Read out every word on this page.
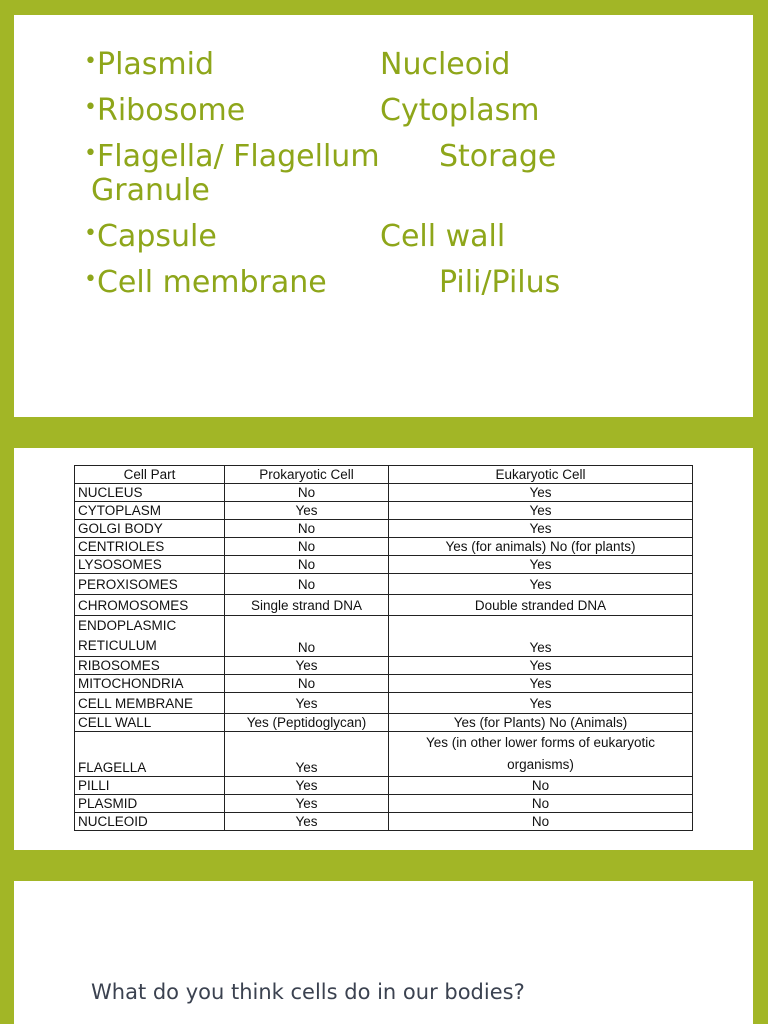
•Plasmid	Nucleoid
•Ribosome	Cytoplasm
•Flagella/ Flagellum Storage
Granule
•Capsule	Cell wall
•Cell membrane	Pili/Pilus
Cell Part	Prokaryotic Cell	Eukaryotic Cell
NUCLEUS	No	Yes
CYTOPLASM	Yes	Yes
GOLGI BODY	No	Yes
CENTRIOLES	No	Yes (for animals) No (for plants)
LYSOSOMES	No	Yes
PEROXISOMES	No	Yes
CHROMOSOMES	Single strand DNA	Double stranded DNA

ENDOPLASMIC
RETICULUM	No	Yes
RIBOSOMES	Yes	Yes
MITOCHONDRIA	No	Yes
CELL MEMBRANE	Yes	Yes
CELL WALL	Yes (Peptidoglycan)	Yes (for Plants) No (Animals)
FLAGELLA	Yes	Yes (in other lower forms of eukaryotic
organisms)

PILLI	Yes	No
PLASMID	Yes	No
NUCLEOID	Yes	No
What do you think cells do in our bodies?
